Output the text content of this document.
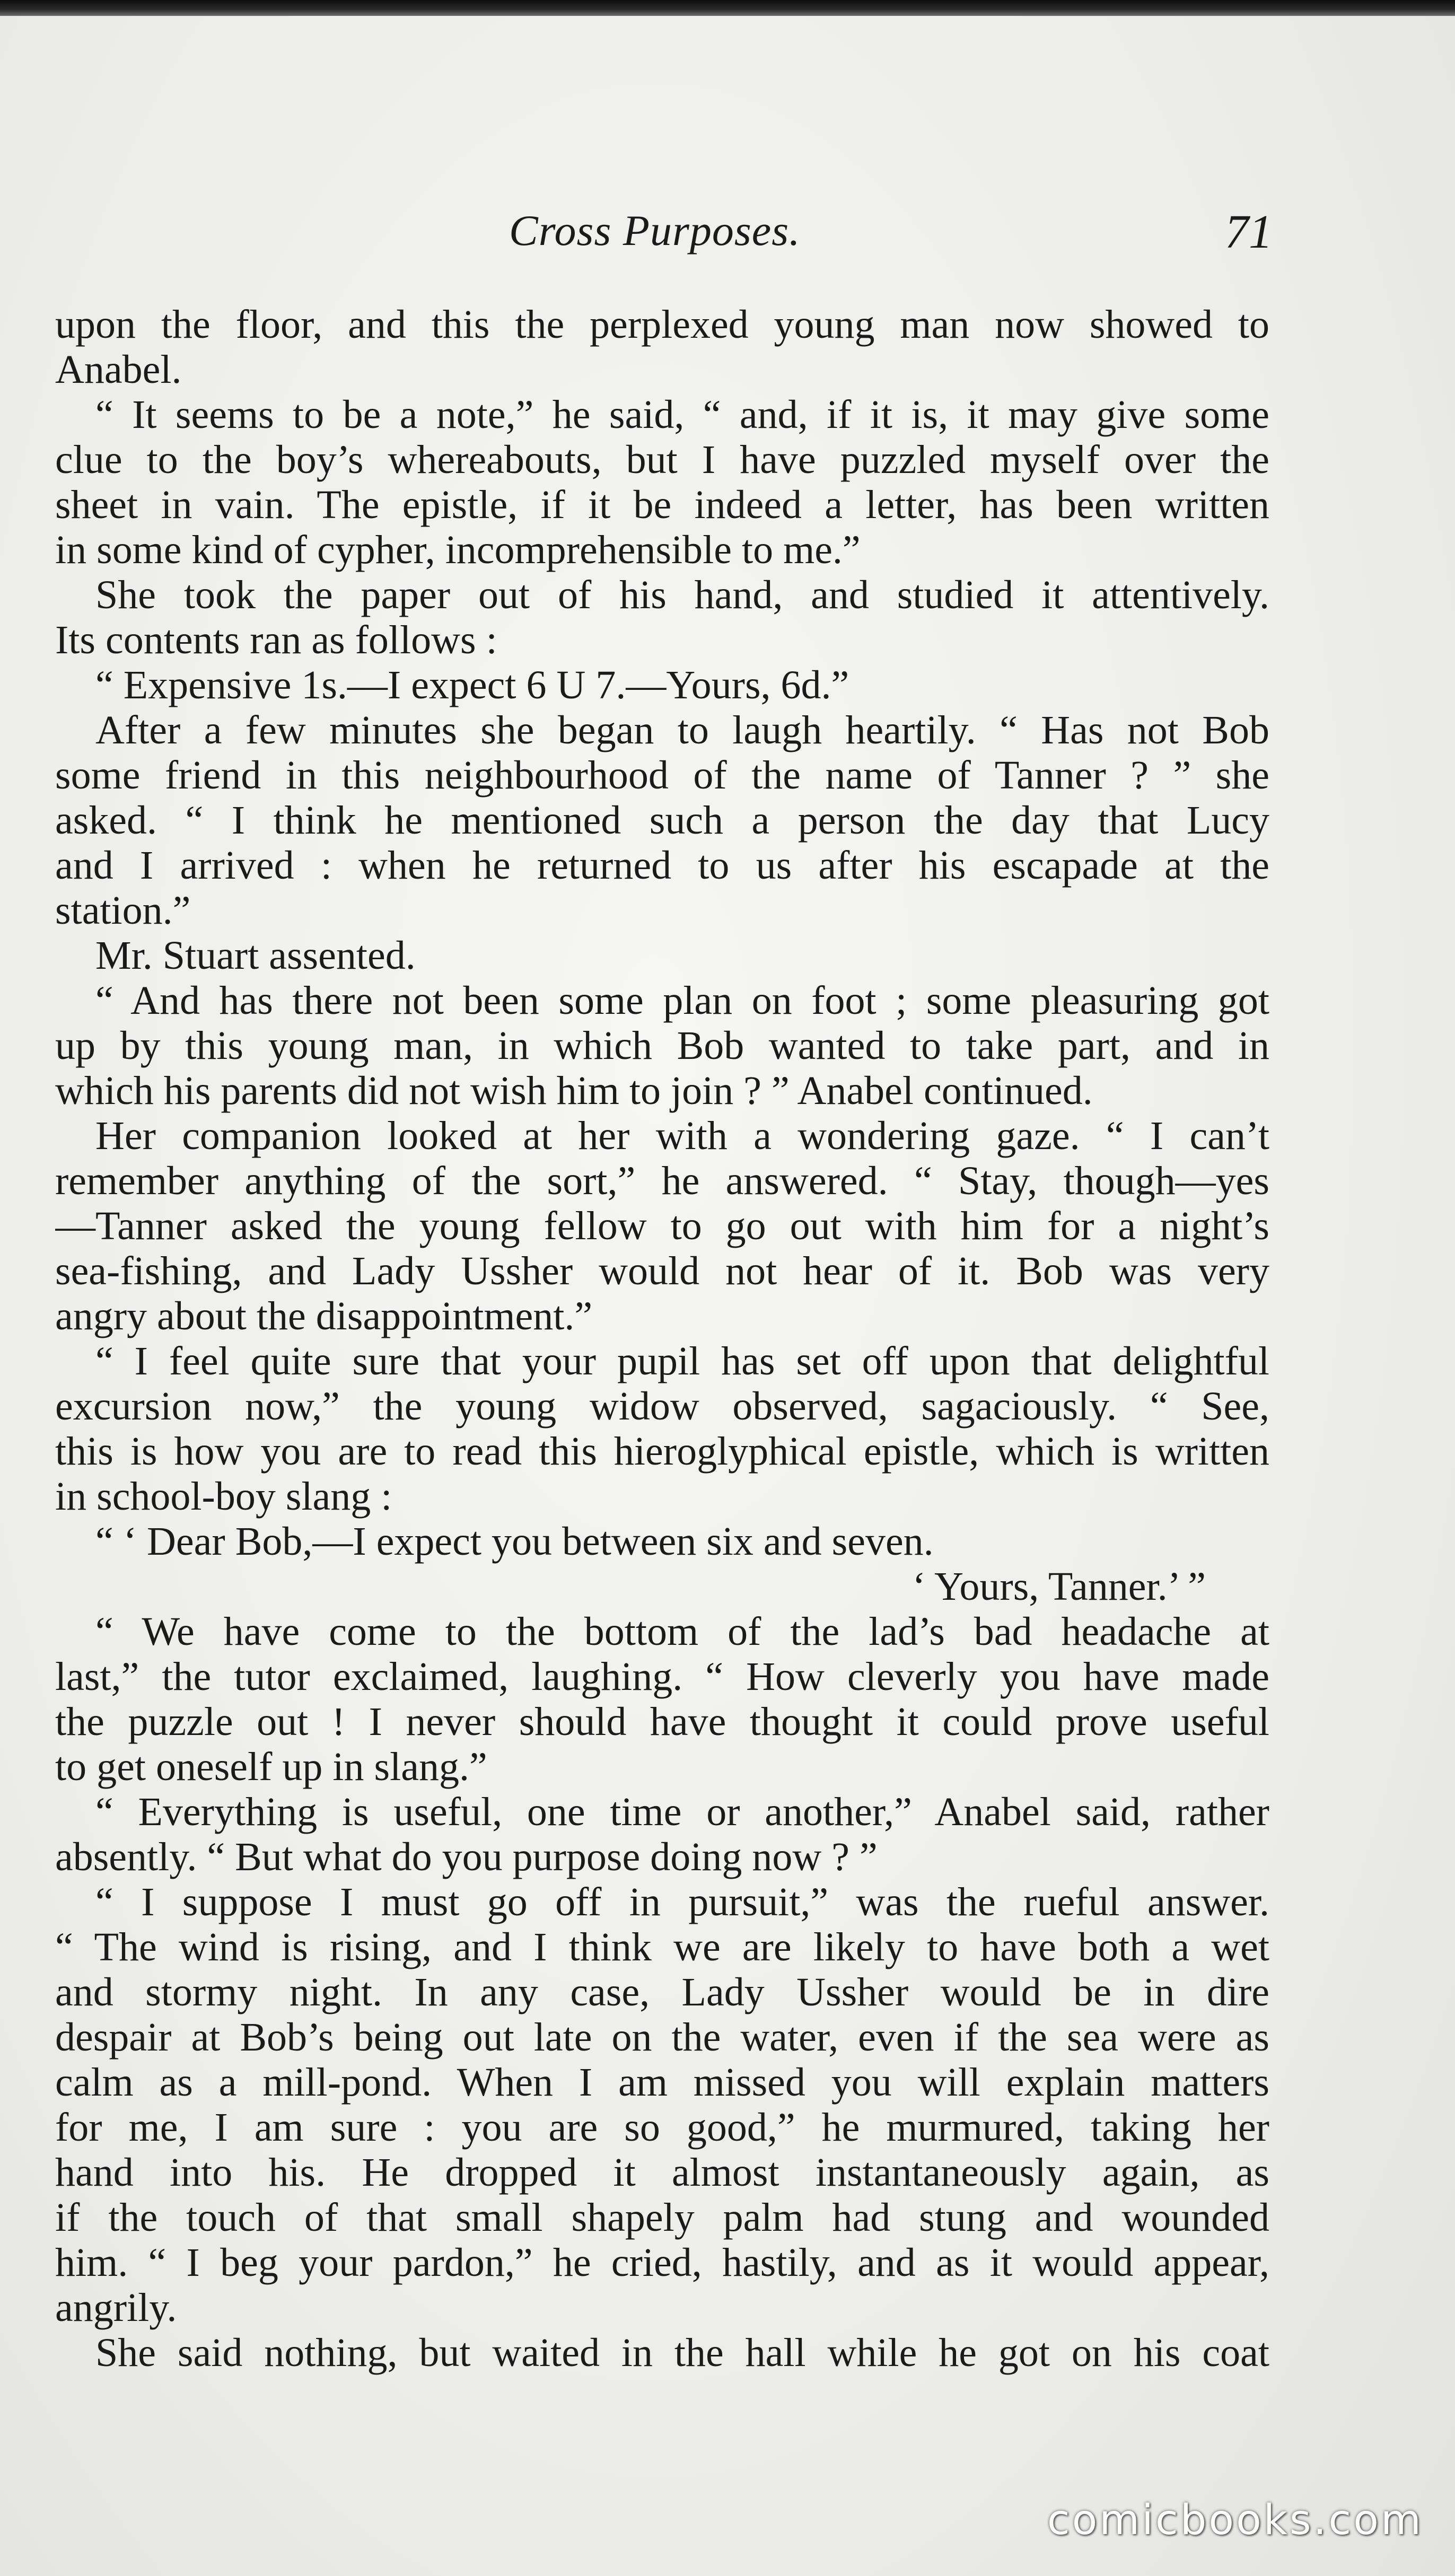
Cross Purposes.	71
upon the floor, and this the perplexed young man now showed to
Anabel.
“ It seems to be a note,” he said, “ and, if it is, it may give some
clue to the boy’s whereabouts, but I have puzzled myself over the
sheet in vain. The epistle, if it be indeed a letter, has been written
in some kind of cypher, incomprehensible to me.”
She took the paper out of his hand, and studied it attentively.
Its contents ran as follows :
“ Expensive 1s.—I expect 6 U 7.—Yours, 6d.”
After a few minutes she began to laugh heartily. “ Has not Bob
some friend in this neighbourhood of the name of Tanner ? ” she
asked. “ I think he mentioned such a person the day that Lucy
and I arrived : when he returned to us after his escapade at the
station.”
Mr. Stuart assented.
“ And has there not been some plan on foot ; some pleasuring got
up by this young man, in which Bob wanted to take part, and in
which his parents did not wish him to join ? ” Anabel continued.
Her companion looked at her with a wondering gaze. “ I can’t
remember anything of the sort,” he answered. “ Stay, though—yes
—Tanner asked the young fellow to go out with him for a night’s
sea-fishing, and Lady Ussher would not hear of it. Bob was very
angry about the disappointment.”
“ I feel quite sure that your pupil has set off upon that delightful
excursion now,” the young widow observed, sagaciously. “ See,
this is how you are to read this hieroglyphical epistle, which is written
in school-boy slang :
“ ‘ Dear Bob,—I expect you between six and seven.
‘ Yours, Tanner.’ ”
“ We have come to the bottom of the lad’s bad headache at
last,” the tutor exclaimed, laughing. “ How cleverly you have made
the puzzle out ! I never should have thought it could prove useful
to get oneself up in slang.”
“ Everything is useful, one time or another,” Anabel said, rather
absently. “ But what do you purpose doing now ? ”
“ I suppose I must go off in pursuit,” was the rueful answer.
“ The wind is rising, and I think we are likely to have both a wet
and stormy night. In any case, Lady Ussher would be in dire
despair at Bob’s being out late on the water, even if the sea were as
calm as a mill-pond. When I am missed you will explain matters
for me, I am sure : you are so good,” he murmured, taking her
hand into his. He dropped it almost instantaneously again, as
if the touch of that small shapely palm had stung and wounded
him. “ I beg your pardon,” he cried, hastily, and as it would appear,
angrily.
She said nothing, but waited in the hall while he got on his coat
comicbooks.com
